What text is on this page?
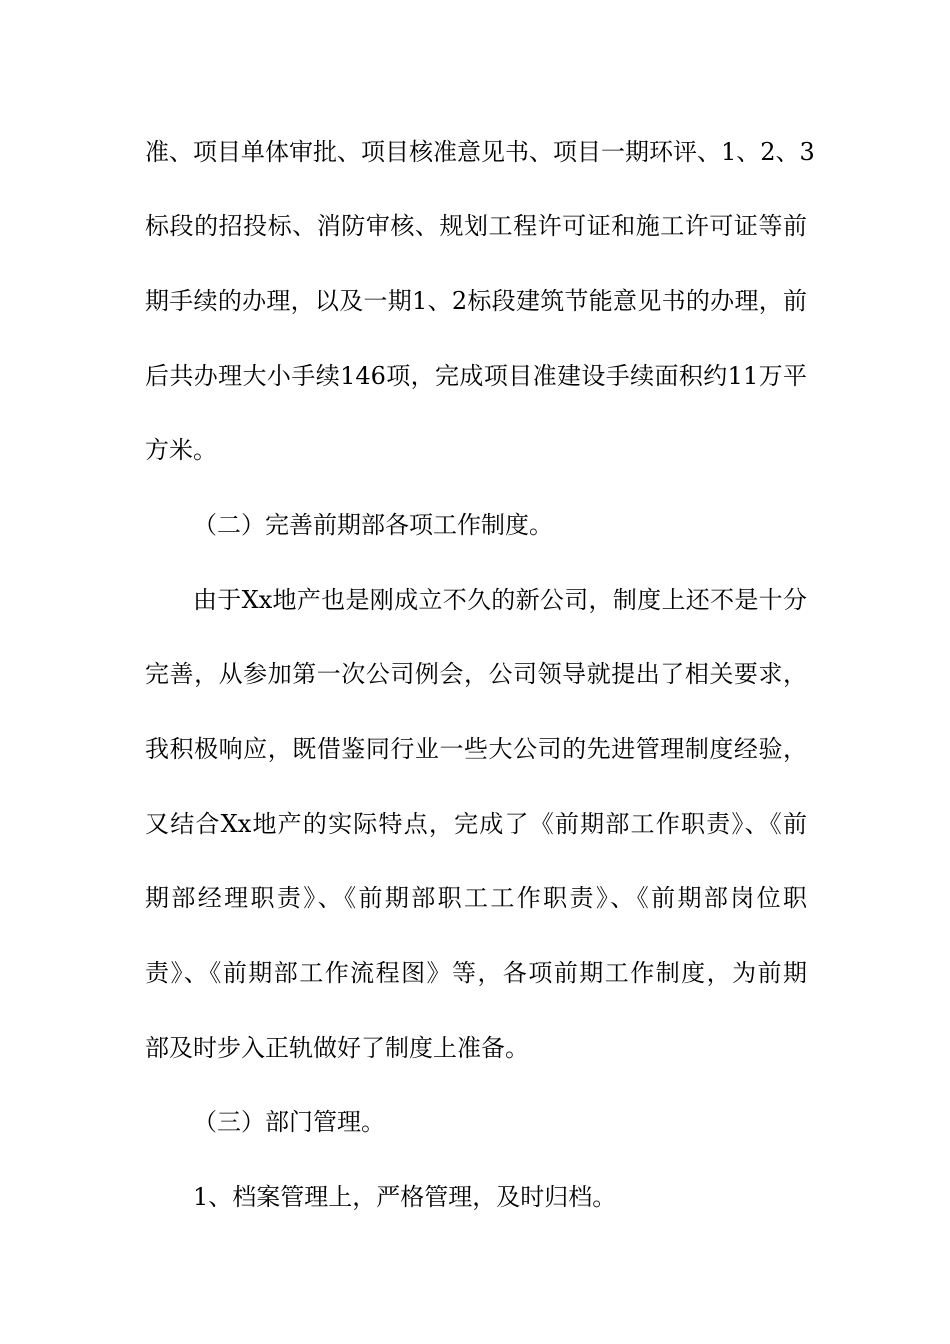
准、项目单体审批、项目核准意见书、项目一期环评、1、2、3
标段的招投标、消防审核、规划工程许可证和施工许可证等前
期手续的办理，以及一期1、2标段建筑节能意见书的办理，前
后共办理大小手续146项，完成项目准建设手续面积约11万平
方米。
（二）完善前期部各项工作制度。
由于Xx地产也是刚成立不久的新公司，制度上还不是十分
完善，从参加第一次公司例会，公司领导就提出了相关要求，
我积极响应，既借鉴同行业一些大公司的先进管理制度经验，
又结合Xx地产的实际特点，完成了《前期部工作职责》、《前
期部经理职责》、《前期部职工工作职责》、《前期部岗位职
责》、《前期部工作流程图》等，各项前期工作制度，为前期
部及时步入正轨做好了制度上准备。
（三）部门管理。
1、档案管理上，严格管理，及时归档。
